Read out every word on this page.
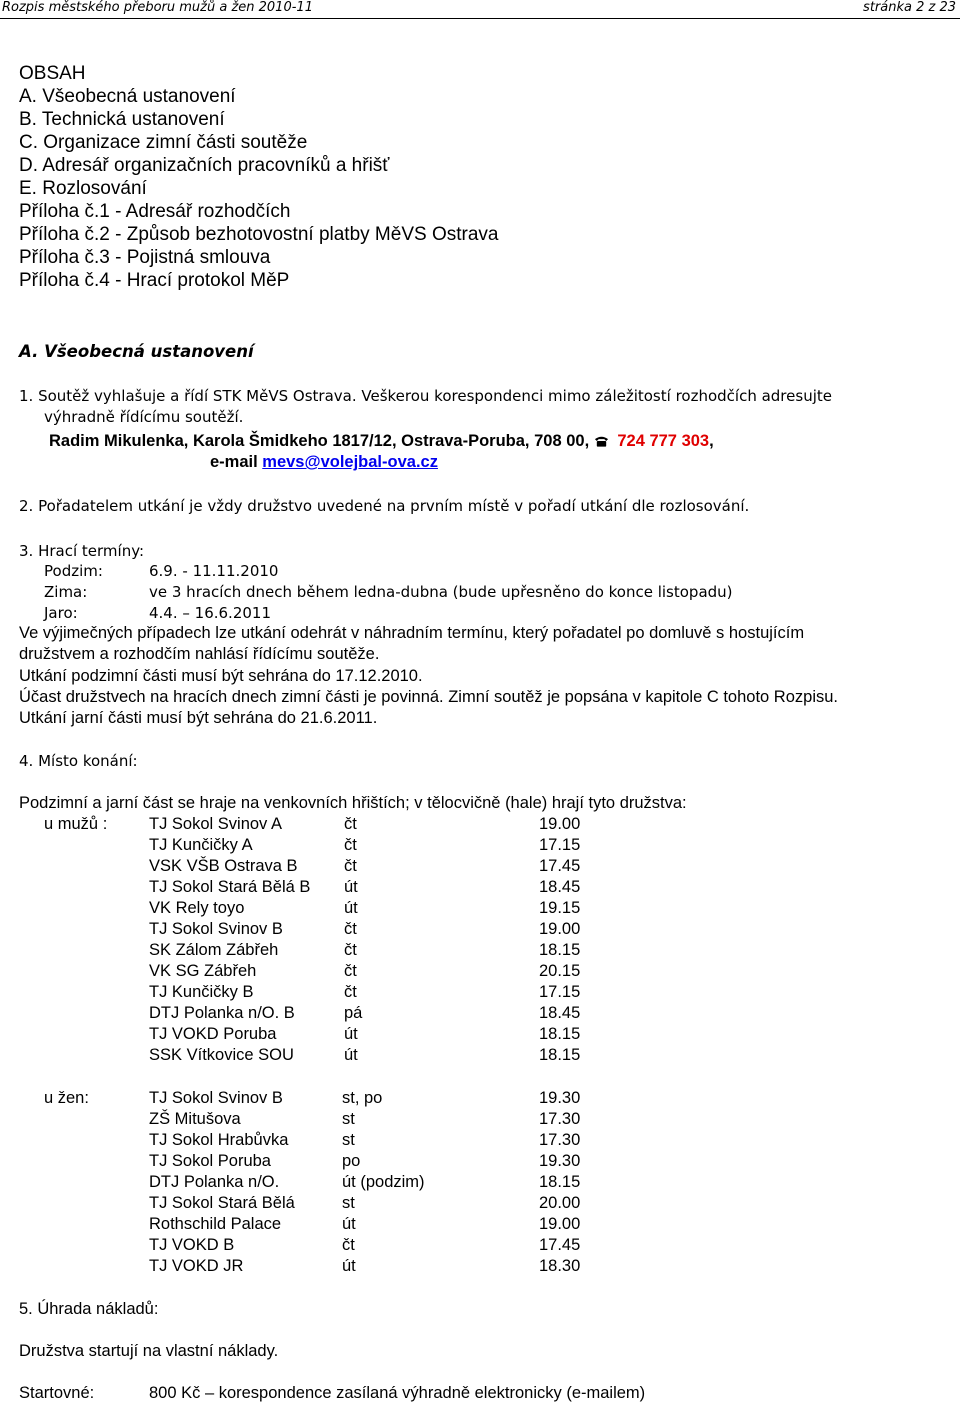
Rozpis městského přeboru mužů a žen 2010-11	stránka 2 z 23
OBSAH
A. Všeobecná ustanovení
B. Technická ustanovení
C. Organizace zimní části soutěže
D. Adresář organizačních pracovníků a hřišť
E. Rozlosování
Příloha č.1 - Adresář rozhodčích
Příloha č.2 - Způsob bezhotovostní platby MěVS Ostrava
Příloha č.3 - Pojistná smlouva
Příloha č.4 - Hrací protokol MěP
A. Všeobecná ustanovení
1. Soutěž vyhlašuje a řídí STK MěVS Ostrava. Veškerou korespondenci mimo záležitostí rozhodčích adresujte
výhradně řídícímu soutěží.
Radim Mikulenka, Karola Šmidkeho 1817/12, Ostrava-Poruba, 708 00, 724 777 303,
e-mail mevs@volejbal-ova.cz
2. Pořadatelem utkání je vždy družstvo uvedené na prvním místě v pořadí utkání dle rozlosování.
3. Hrací termíny:
Podzim:	6.9. - 11.11.2010
Zima:	ve 3 hracích dnech během ledna-dubna (bude upřesněno do konce listopadu)
Jaro:	4.4. – 16.6.2011
Ve výjimečných případech lze utkání odehrát v náhradním termínu, který pořadatel po domluvě s hostujícím
družstvem a rozhodčím nahlásí řídícímu soutěže.
Utkání podzimní části musí být sehrána do 17.12.2010.
Účast družstvech na hracích dnech zimní části je povinná. Zimní soutěž je popsána v kapitole C tohoto Rozpisu.
Utkání jarní části musí být sehrána do 21.6.2011.
4. Místo konání:
Podzimní a jarní část se hraje na venkovních hřištích; v tělocvičně (hale) hrají tyto družstva:
u mužů :	TJ Sokol Svinov A	čt	19.00
TJ Kunčičky A	čt	17.15
VSK VŠB Ostrava B	čt	17.45
TJ Sokol Stará Bělá B út	18.45
VK Rely toyo	út	19.15
TJ Sokol Svinov B	čt	19.00
SK Zálom Zábřeh	čt	18.15
VK SG Zábřeh	čt	20.15
TJ Kunčičky B	čt	17.15
DTJ Polanka n/O. B	pá	18.45
TJ VOKD Poruba	út	18.15
SSK Vítkovice SOU	út	18.15
u žen:	TJ Sokol Svinov B	st, po	19.30
ZŠ Mitušova	st	17.30
TJ Sokol Hrabůvka	st	17.30
TJ Sokol Poruba	po	19.30
DTJ Polanka n/O.	út (podzim)	18.15
TJ Sokol Stará Bělá	st	20.00
Rothschild Palace	út	19.00
TJ VOKD B	čt	17.45
TJ VOKD JR	út	18.30
5. Úhrada nákladů:
Družstva startují na vlastní náklady.
Startovné:	800 Kč – korespondence zasílaná výhradně elektronicky (e-mailem)
